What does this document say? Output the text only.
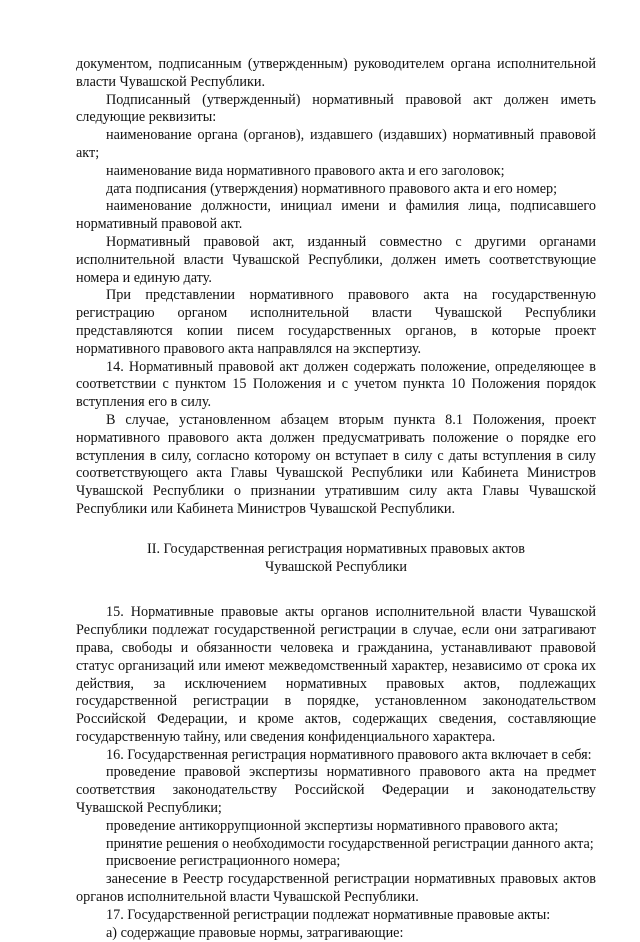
документом, подписанным (утвержденным) руководителем органа исполнительной власти Чувашской Республики.

Подписанный (утвержденный) нормативный правовой акт должен иметь следующие реквизиты:

наименование органа (органов), издавшего (издавших) нормативный правовой акт;

наименование вида нормативного правового акта и его заголовок;

дата подписания (утверждения) нормативного правового акта и его номер;

наименование должности, инициал имени и фамилия лица, подписавшего нормативный правовой акт.

Нормативный правовой акт, изданный совместно с другими органами исполнительной власти Чувашской Республики, должен иметь соответствующие номера и единую дату.

При представлении нормативного правового акта на государственную регистрацию органом исполнительной власти Чувашской Республики представляются копии писем государственных органов, в которые проект нормативного правового акта направлялся на экспертизу.

14. Нормативный правовой акт должен содержать положение, определяющее в соответствии с пунктом 15 Положения и с учетом пункта 10 Положения порядок вступления его в силу.

В случае, установленном абзацем вторым пункта 8.1 Положения, проект нормативного правового акта должен предусматривать положение о порядке его вступления в силу, согласно которому он вступает в силу с даты вступления в силу соответствующего акта Главы Чувашской Республики или Кабинета Министров Чувашской Республики о признании утратившим силу акта Главы Чувашской Республики или Кабинета Министров Чувашской Республики.

II. Государственная регистрация нормативных правовых актов
Чувашской Республики

15. Нормативные правовые акты органов исполнительной власти Чувашской Республики подлежат государственной регистрации в случае, если они затрагивают права, свободы и обязанности человека и гражданина, устанавливают правовой статус организаций или имеют межведомственный характер, независимо от срока их действия, за исключением нормативных правовых актов, подлежащих государственной регистрации в порядке, установленном законодательством Российской Федерации, и кроме актов, содержащих сведения, составляющие государственную тайну, или сведения конфиденциального характера.

16. Государственная регистрация нормативного правового акта включает в себя:

проведение правовой экспертизы нормативного правового акта на предмет соответствия законодательству Российской Федерации и законодательству Чувашской Республики;

проведение антикоррупционной экспертизы нормативного правового акта;

принятие решения о необходимости государственной регистрации данного акта;

присвоение регистрационного номера;

занесение в Реестр государственной регистрации нормативных правовых актов органов исполнительной власти Чувашской Республики.

17. Государственной регистрации подлежат нормативные правовые акты:

а) содержащие правовые нормы, затрагивающие:
